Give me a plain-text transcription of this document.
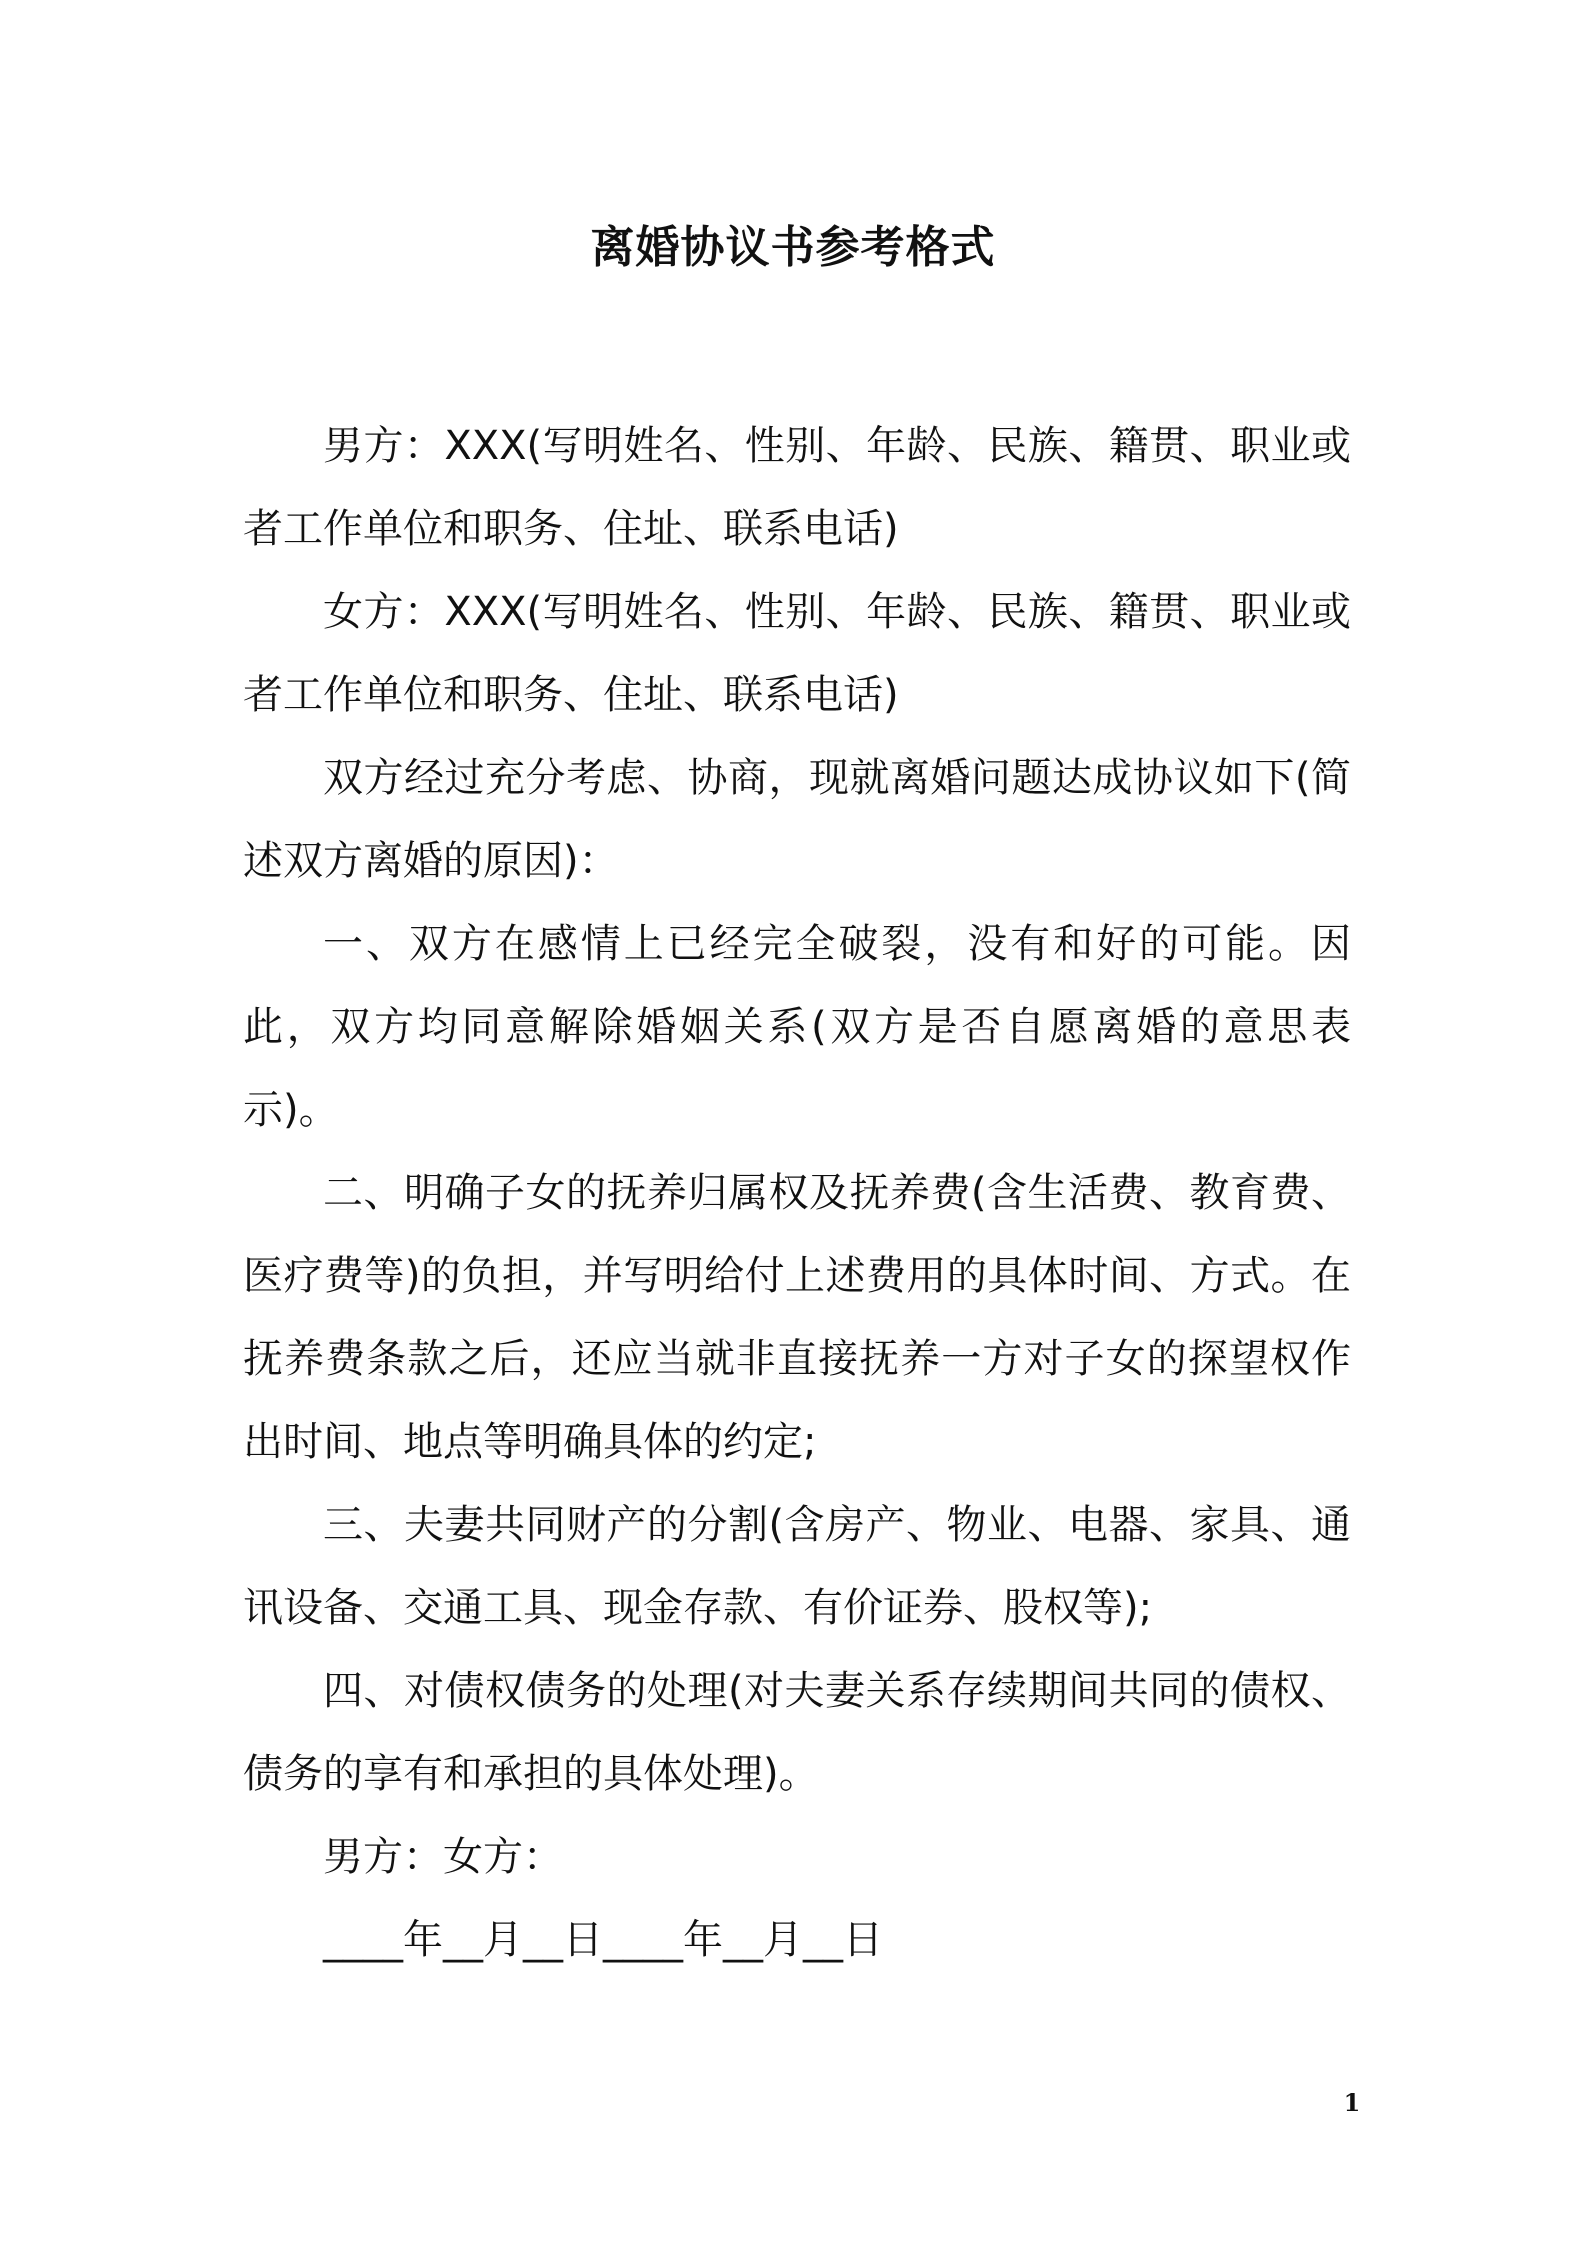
离婚协议书参考格式

男方：XXX(写明姓名、性别、年龄、民族、籍贯、职业或者工作单位和职务、住址、联系电话)

女方：XXX(写明姓名、性别、年龄、民族、籍贯、职业或者工作单位和职务、住址、联系电话)

双方经过充分考虑、协商，现就离婚问题达成协议如下(简述双方离婚的原因)：

一、双方在感情上已经完全破裂，没有和好的可能。因此，双方均同意解除婚姻关系(双方是否自愿离婚的意思表示)。

二、明确子女的抚养归属权及抚养费(含生活费、教育费、医疗费等)的负担，并写明给付上述费用的具体时间、方式。在抚养费条款之后，还应当就非直接抚养一方对子女的探望权作出时间、地点等明确具体的约定;

三、夫妻共同财产的分割(含房产、物业、电器、家具、通讯设备、交通工具、现金存款、有价证券、股权等);

四、对债权债务的处理(对夫妻关系存续期间共同的债权、债务的享有和承担的具体处理)。

男方：女方：

____年__月__日____年__月__日

1
